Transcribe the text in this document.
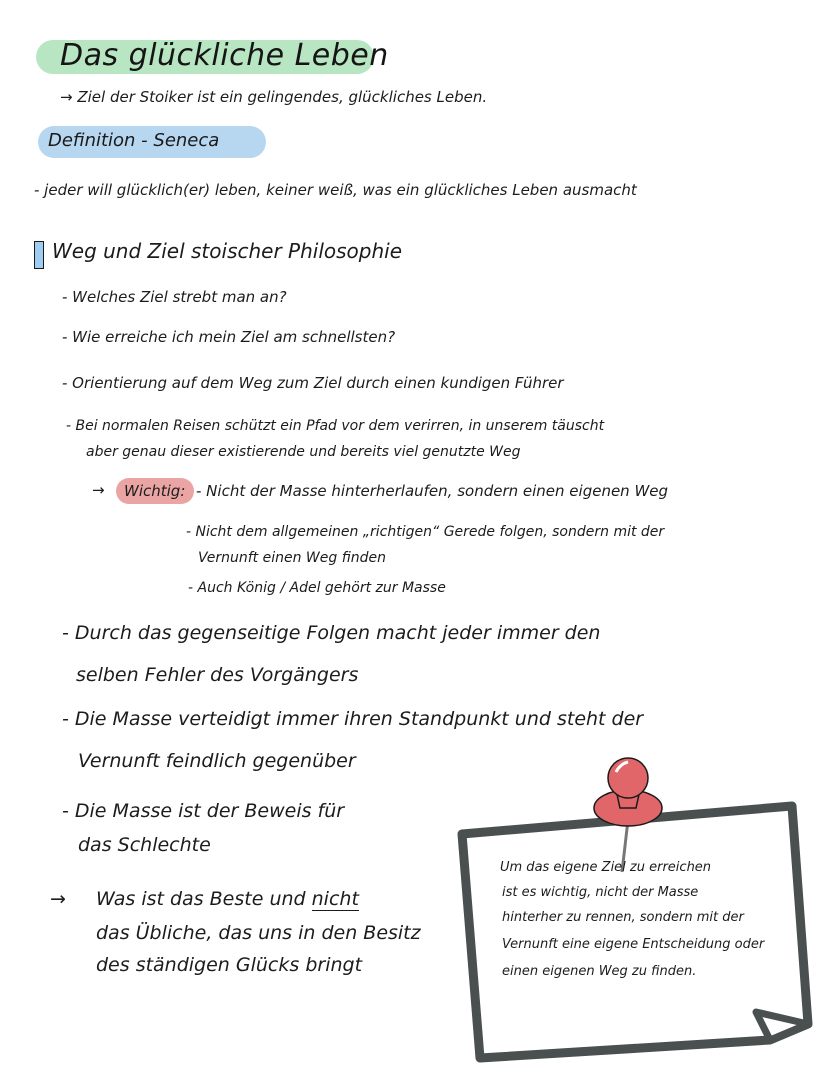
Das glückliche Leben
→ Ziel der Stoiker ist ein gelingendes, glückliches Leben.
Definition - Seneca
- jeder will glücklich(er) leben, keiner weiß, was ein glückliches Leben ausmacht
Weg und Ziel stoischer Philosophie
- Welches Ziel strebt man an?
- Wie erreiche ich mein Ziel am schnellsten?
- Orientierung auf dem Weg zum Ziel durch einen kundigen Führer
- Bei normalen Reisen schützt ein Pfad vor dem verirren, in unserem täuscht
aber genau dieser existierende und bereits viel genutzte Weg
→ Wichtig: - Nicht der Masse hinterherlaufen, sondern einen eigenen Weg
- Nicht dem allgemeinen „richtigen“ Gerede folgen, sondern mit der
Vernunft einen Weg finden
- Auch König / Adel gehört zur Masse
- Durch das gegenseitige Folgen macht jeder immer den
selben Fehler des Vorgängers
- Die Masse verteidigt immer ihren Standpunkt und steht der
Vernunft feindlich gegenüber
- Die Masse ist der Beweis für
das Schlechte
→ Was ist das Beste und nicht
das Übliche, das uns in den Besitz
des ständigen Glücks bringt
Um das eigene Ziel zu erreichen
ist es wichtig, nicht der Masse
hinterher zu rennen, sondern mit der
Vernunft eine eigene Entscheidung oder
einen eigenen Weg zu finden.
